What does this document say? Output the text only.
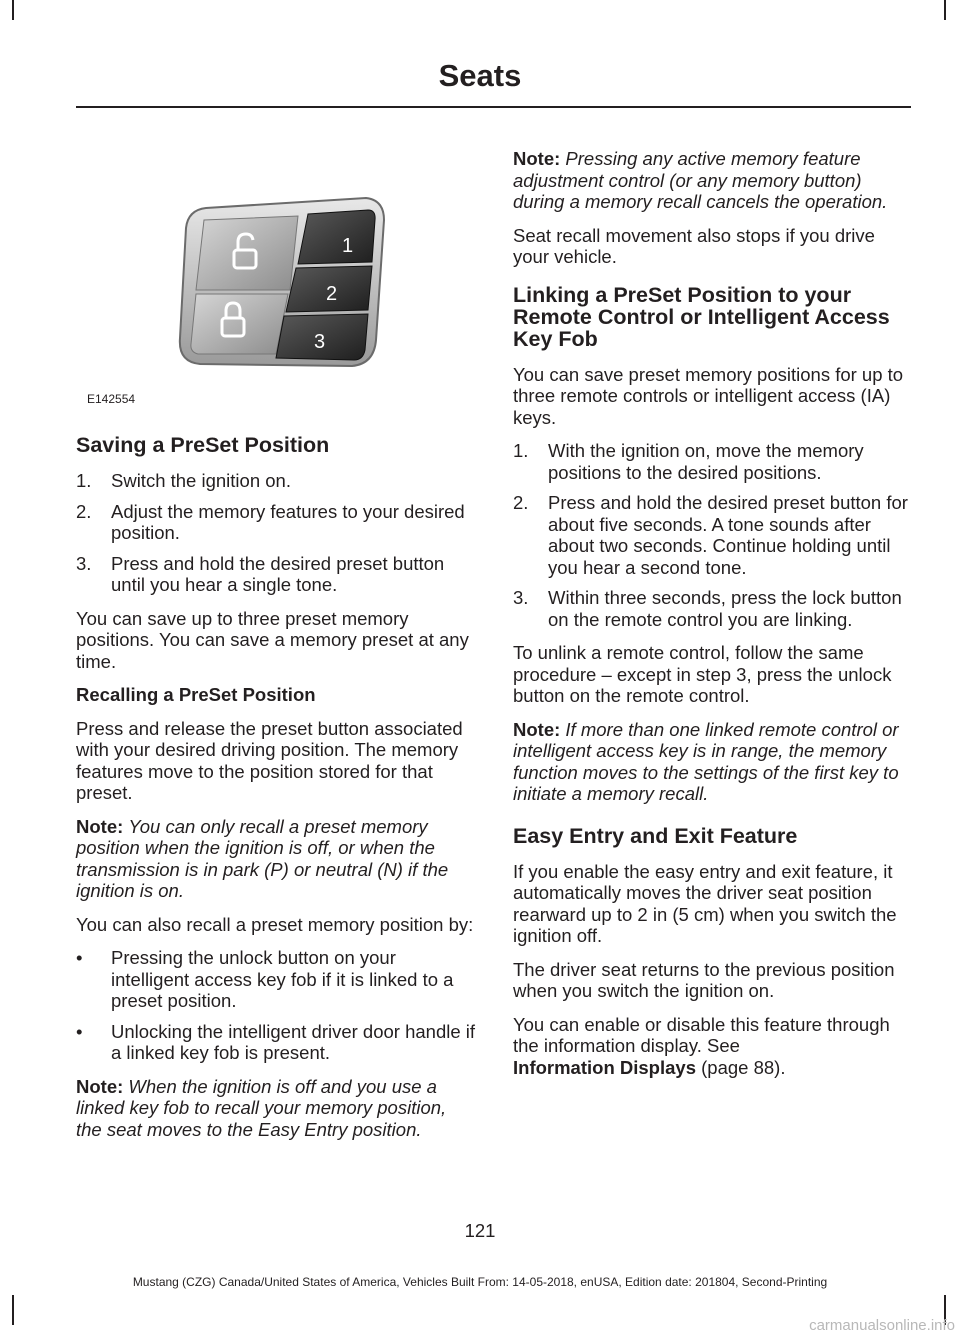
Seats
1
2
3
E142554
Saving a PreSet Position
1. Switch the ignition on.
2. Adjust the memory features to your desired position.
3. Press and hold the desired preset button until you hear a single tone.

You can save up to three preset memory positions. You can save a memory preset at any time.

Recalling a PreSet Position

Press and release the preset button associated with your desired driving position. The memory features move to the position stored for that preset.

Note: You can only recall a preset memory position when the ignition is off, or when the transmission is in park (P) or neutral (N) if the ignition is on.

You can also recall a preset memory position by:

• Pressing the unlock button on your intelligent access key fob if it is linked to a preset position.
• Unlocking the intelligent driver door handle if a linked key fob is present.

Note: When the ignition is off and you use a linked key fob to recall your memory position, the seat moves to the Easy Entry position.

Note: Pressing any active memory feature adjustment control (or any memory button) during a memory recall cancels the operation.

Seat recall movement also stops if you drive your vehicle.

Linking a PreSet Position to your Remote Control or Intelligent Access Key Fob

You can save preset memory positions for up to three remote controls or intelligent access (IA) keys.

1. With the ignition on, move the memory positions to the desired positions.
2. Press and hold the desired preset button for about five seconds. A tone sounds after about two seconds. Continue holding until you hear a second tone.
3. Within three seconds, press the lock button on the remote control you are linking.

To unlink a remote control, follow the same procedure – except in step 3, press the unlock button on the remote control.

Note: If more than one linked remote control or intelligent access key is in range, the memory function moves to the settings of the first key to initiate a memory recall.

Easy Entry and Exit Feature

If you enable the easy entry and exit feature, it automatically moves the driver seat position rearward up to 2 in (5 cm) when you switch the ignition off.

The driver seat returns to the previous position when you switch the ignition on.

You can enable or disable this feature through the information display. See
Information Displays (page 88).

121
Mustang (CZG) Canada/United States of America, Vehicles Built From: 14-05-2018, enUSA, Edition date: 201804, Second-Printing
carmanualsonline.info
